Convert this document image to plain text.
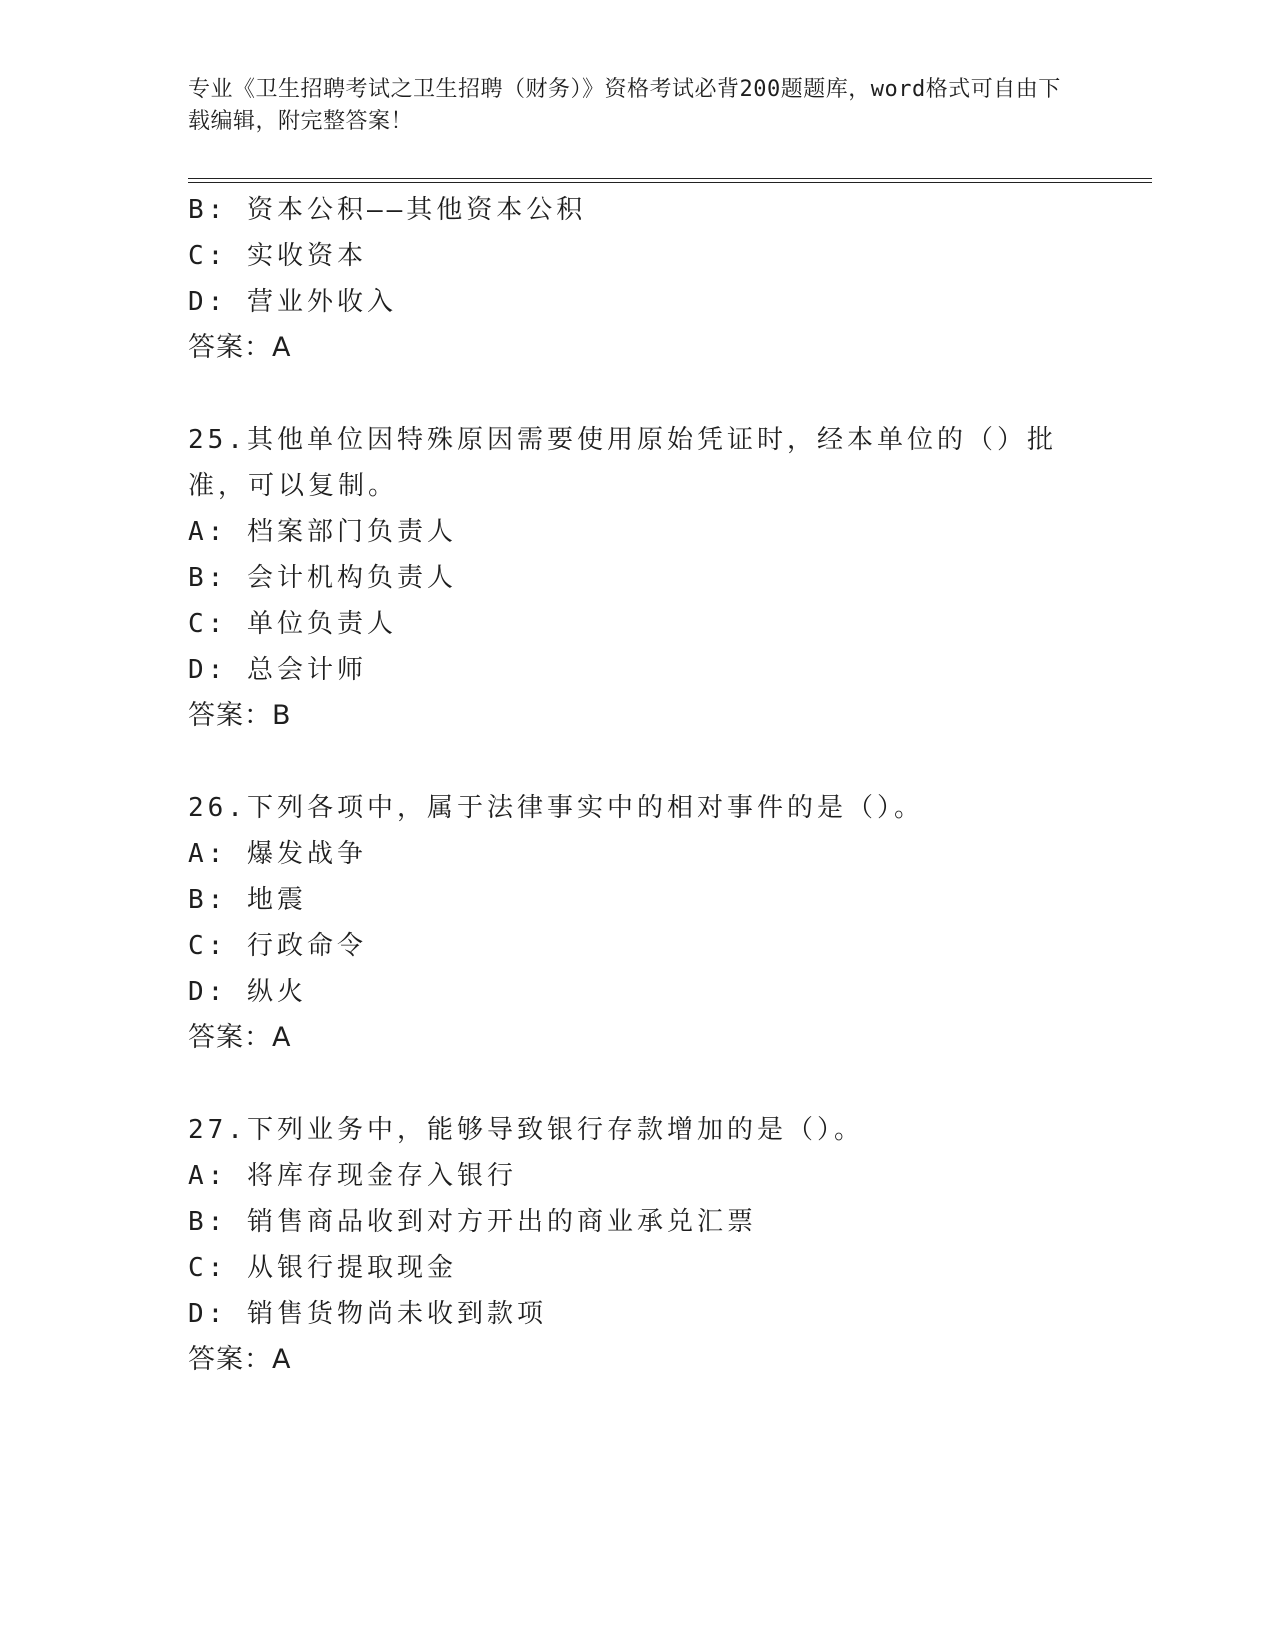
专业《卫生招聘考试之卫生招聘（财务）》资格考试必背200题题库，word格式可自由下载编辑，附完整答案！
B: 资本公积——其他资本公积
C: 实收资本
D: 营业外收入
答案：A
25.其他单位因特殊原因需要使用原始凭证时，经本单位的（）批准，可以复制。
A: 档案部门负责人
B: 会计机构负责人
C: 单位负责人
D: 总会计师
答案：B
26.下列各项中，属于法律事实中的相对事件的是（）。
A: 爆发战争
B: 地震
C: 行政命令
D: 纵火
答案：A
27.下列业务中，能够导致银行存款增加的是（）。
A: 将库存现金存入银行
B: 销售商品收到对方开出的商业承兑汇票
C: 从银行提取现金
D: 销售货物尚未收到款项
答案：A
